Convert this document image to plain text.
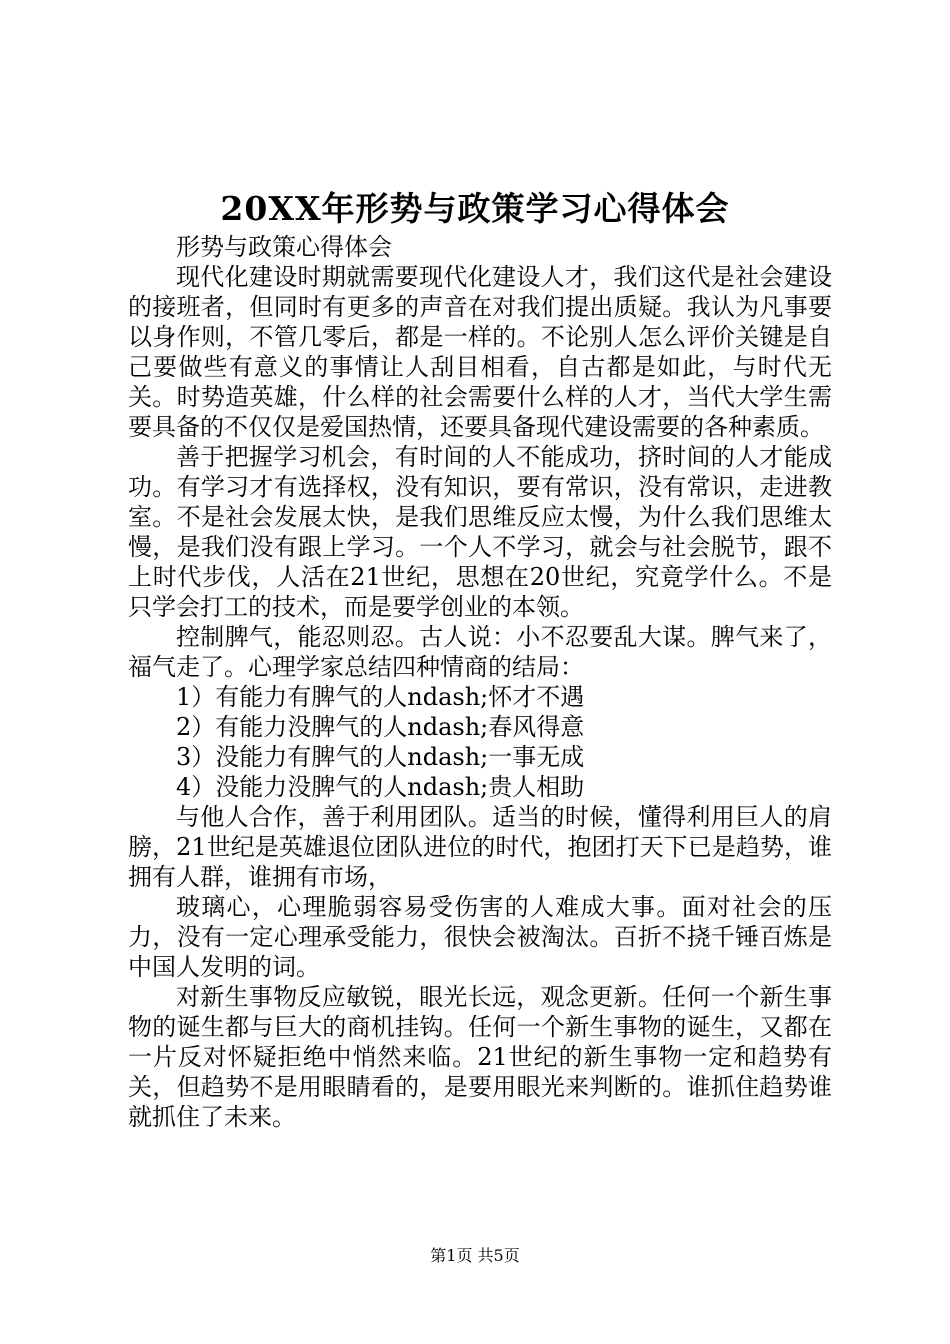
20XX年形势与政策学习心得体会

形势与政策心得体会

现代化建设时期就需要现代化建设人才，我们这代是社会建设的接班者，但同时有更多的声音在对我们提出质疑。我认为凡事要以身作则，不管几零后，都是一样的。不论别人怎么评价关键是自己要做些有意义的事情让人刮目相看，自古都是如此，与时代无关。时势造英雄，什么样的社会需要什么样的人才，当代大学生需要具备的不仅仅是爱国热情，还要具备现代建设需要的各种素质。

善于把握学习机会，有时间的人不能成功，挤时间的人才能成功。有学习才有选择权，没有知识，要有常识，没有常识，走进教室。不是社会发展太快，是我们思维反应太慢，为什么我们思维太慢，是我们没有跟上学习。一个人不学习，就会与社会脱节，跟不上时代步伐，人活在21世纪，思想在20世纪，究竟学什么。不是只学会打工的技术，而是要学创业的本领。

控制脾气，能忍则忍。古人说：小不忍要乱大谋。脾气来了，福气走了。心理学家总结四种情商的结局：

1）有能力有脾气的人ndash;怀才不遇

2）有能力没脾气的人ndash;春风得意

3）没能力有脾气的人ndash;一事无成

4）没能力没脾气的人ndash;贵人相助

与他人合作，善于利用团队。适当的时候，懂得利用巨人的肩膀，21世纪是英雄退位团队进位的时代，抱团打天下已是趋势，谁拥有人群，谁拥有市场，

玻璃心，心理脆弱容易受伤害的人难成大事。面对社会的压力，没有一定心理承受能力，很快会被淘汰。百折不挠千锤百炼是中国人发明的词。

对新生事物反应敏锐，眼光长远，观念更新。任何一个新生事物的诞生都与巨大的商机挂钩。任何一个新生事物的诞生，又都在一片反对怀疑拒绝中悄然来临。21世纪的新生事物一定和趋势有关，但趋势不是用眼睛看的，是要用眼光来判断的。谁抓住趋势谁就抓住了未来。

第1页 共5页
